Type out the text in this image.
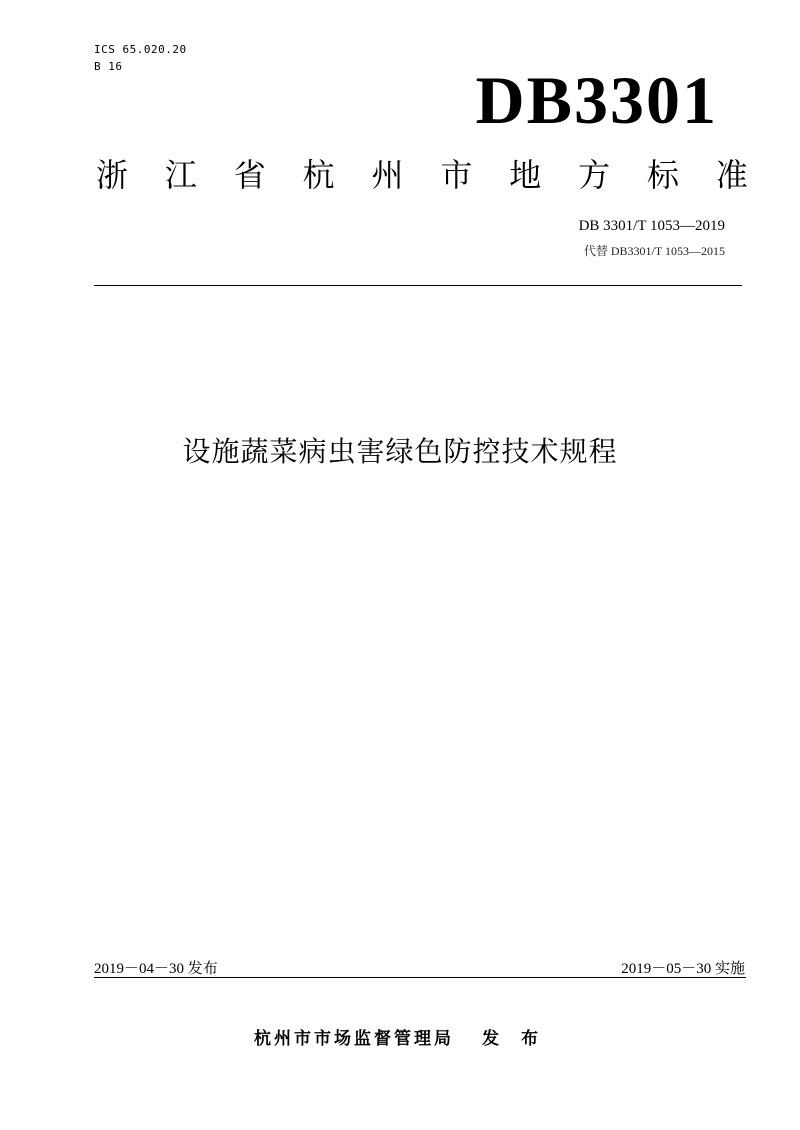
ICS 65.020.20
B 16	DB3301
浙 江 省 杭 州 市 地 方 标 准
DB 3301/T 1053—2019
代替 DB3301/T 1053—2015
设施蔬菜病虫害绿色防控技术规程
2019－04－30 发布	2019－05－30 实施
杭州市市场监督管理局 发 布
